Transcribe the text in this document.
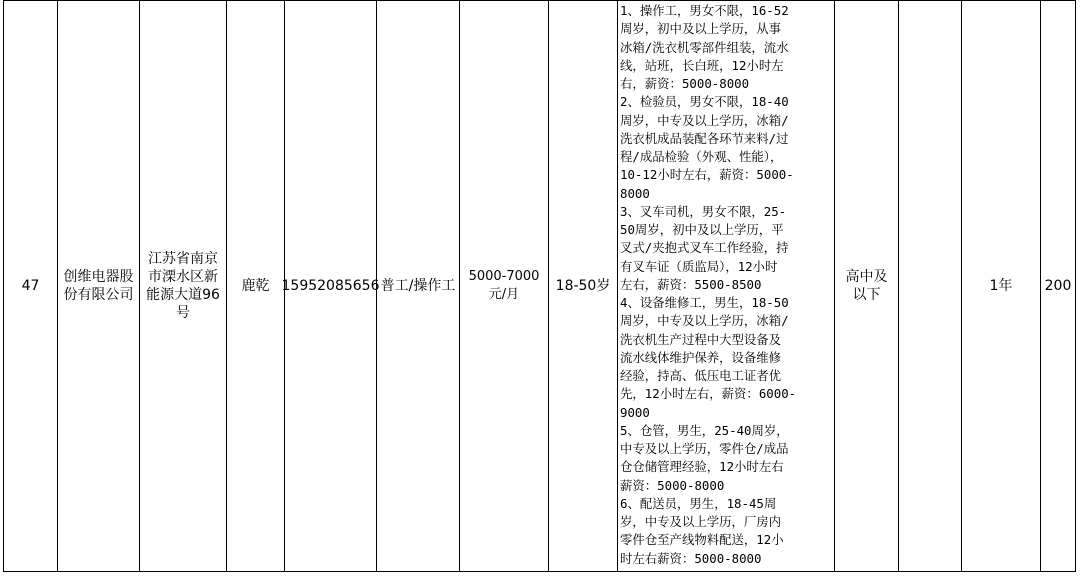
47
创维电器股份有限公司
江苏省南京市溧水区新能源大道96号
鹿乾 15952085656 普工/操作工
5000-7000元/月
18-50岁
1、操作工，男女不限，16-52
周岁，初中及以上学历，从事
冰箱/洗衣机零部件组装，流水
线，站班，长白班，12小时左
右，薪资：5000-8000
2、检验员，男女不限，18-40
周岁，中专及以上学历，冰箱/
洗衣机成品装配各环节来料/过
程/成品检验（外观、性能），
10-12小时左右，薪资：5000-
8000
3、叉车司机，男女不限，25-
50周岁，初中及以上学历，平
叉式/夹抱式叉车工作经验，持
有叉车证（质监局），12小时
左右，薪资：5500-8500
4、设备维修工，男生，18-50
周岁，中专及以上学历，冰箱/
洗衣机生产过程中大型设备及
流水线体维护保养，设备维修
经验，持高、低压电工证者优
先，12小时左右，薪资：6000-
9000
5、仓管，男生，25-40周岁，
中专及以上学历，零件仓/成品
仓仓储管理经验，12小时左右
薪资：5000-8000
6、配送员，男生，18-45周
岁，中专及以上学历，厂房内
零件仓至产线物料配送，12小
时左右薪资：5000-8000
高中及以下
1年 200
